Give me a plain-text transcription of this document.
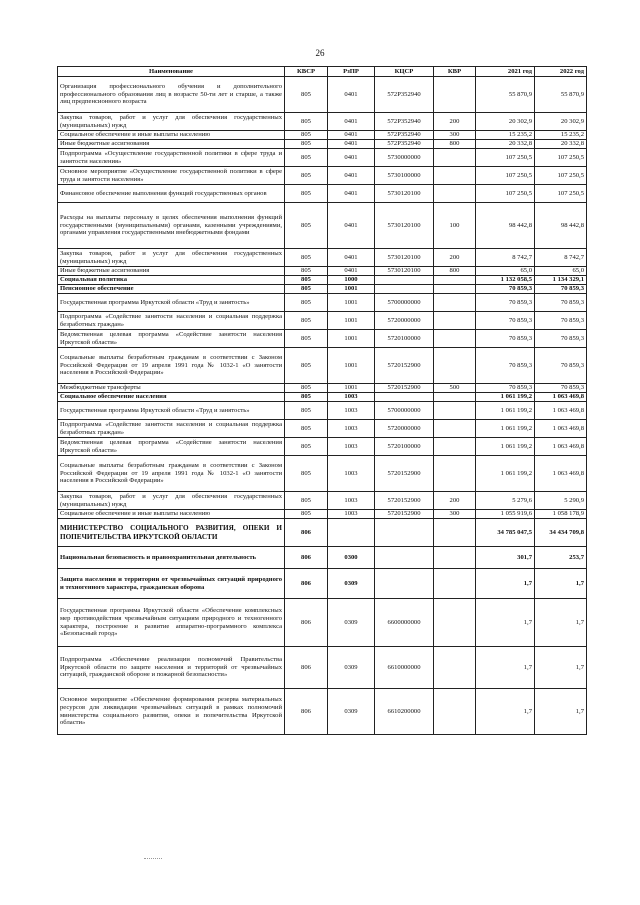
26
Наименование	КВСР	РзПР	КЦСР	КВР	2021 год	2022 год
Организация профессионального обучения и дополнительного профессионального образования лиц в возрасте 50-ти лет и старше, а также лиц предпенсионного возраста	805	0401	572P352940		55 870,9	55 870,9
Закупка товаров, работ и услуг для обеспечения государственных (муниципальных) нужд	805	0401	572P352940	200	20 302,9	20 302,9
Социальное обеспечение и иные выплаты населению	805	0401	572P352940	300	15 235,2	15 235,2
Иные бюджетные ассигнования	805	0401	572P352940	800	20 332,8	20 332,8
Подпрограмма «Осуществление государственной политики в сфере труда и занятости населения»	805	0401	5730000000		107 250,5	107 250,5
Основное мероприятие «Осуществление государственной политики в сфере труда и занятости населения»	805	0401	5730100000		107 250,5	107 250,5
Финансовое обеспечение выполнения функций государственных органов	805	0401	5730120100		107 250,5	107 250,5
Расходы на выплаты персоналу в целях обеспечения выполнения функций государственными (муниципальными) органами, казенными учреждениями, органами управления государственными внебюджетными фондами	805	0401	5730120100	100	98 442,8	98 442,8
Закупка товаров, работ и услуг для обеспечения государственных (муниципальных) нужд	805	0401	5730120100	200	8 742,7	8 742,7
Иные бюджетные ассигнования	805	0401	5730120100	800	65,0	65,0
Социальная политика	805	1000			1 132 058,5	1 134 329,1
Пенсионное обеспечение	805	1001			70 859,3	70 859,3
Государственная программа Иркутской области «Труд и занятость»	805	1001	5700000000		70 859,3	70 859,3
Подпрограмма «Содействие занятости населения и социальная поддержка безработных граждан»	805	1001	5720000000		70 859,3	70 859,3
Ведомственная целевая программа «Содействие занятости населения Иркутской области»	805	1001	5720100000		70 859,3	70 859,3
Социальные выплаты безработным гражданам в соответствии с Законом Российской Федерации от 19 апреля 1991 года № 1032-1 «О занятости населения в Российской Федерации»	805	1001	5720152900		70 859,3	70 859,3
Межбюджетные трансферты	805	1001	5720152900	500	70 859,3	70 859,3
Социальное обеспечение населения	805	1003			1 061 199,2	1 063 469,8
Государственная программа Иркутской области «Труд и занятость»	805	1003	5700000000		1 061 199,2	1 063 469,8
Подпрограмма «Содействие занятости населения и социальная поддержка безработных граждан»	805	1003	5720000000		1 061 199,2	1 063 469,8
Ведомственная целевая программа «Содействие занятости населения Иркутской области»	805	1003	5720100000		1 061 199,2	1 063 469,8
Социальные выплаты безработным гражданам в соответствии с Законом Российской Федерации от 19 апреля 1991 года № 1032-1 «О занятости населения в Российской Федерации»	805	1003	5720152900		1 061 199,2	1 063 469,8
Закупка товаров, работ и услуг для обеспечения государственных (муниципальных) нужд	805	1003	5720152900	200	5 279,6	5 290,9
Социальное обеспечение и иные выплаты населению	805	1003	5720152900	300	1 055 919,6	1 058 178,9
МИНИСТЕРСТВО СОЦИАЛЬНОГО РАЗВИТИЯ, ОПЕКИ И ПОПЕЧИТЕЛЬСТВА ИРКУТСКОЙ ОБЛАСТИ	806				34 785 047,5	34 434 709,8
Национальная безопасность и правоохранительная деятельность	806	0300			301,7	253,7
Защита населения и территории от чрезвычайных ситуаций природного и техногенного характера, гражданская оборона	806	0309			1,7	1,7
Государственная программа Иркутской области «Обеспечение комплексных мер противодействия чрезвычайным ситуациям природного и техногенного характера, построение и развитие аппаратно-программного комплекса «Безопасный город»	806	0309	6600000000		1,7	1,7
Подпрограмма «Обеспечение реализации полномочий Правительства Иркутской области по защите населения и территорий от чрезвычайных ситуаций, гражданской обороне и пожарной безопасности»	806	0309	6610000000		1,7	1,7
Основное мероприятие «Обеспечение формирования резерва материальных ресурсов для ликвидации чрезвычайных ситуаций в рамках полномочий министерства социального развития, опеки и попечительства Иркутской области»	806	0309	6610200000		1,7	1,7
